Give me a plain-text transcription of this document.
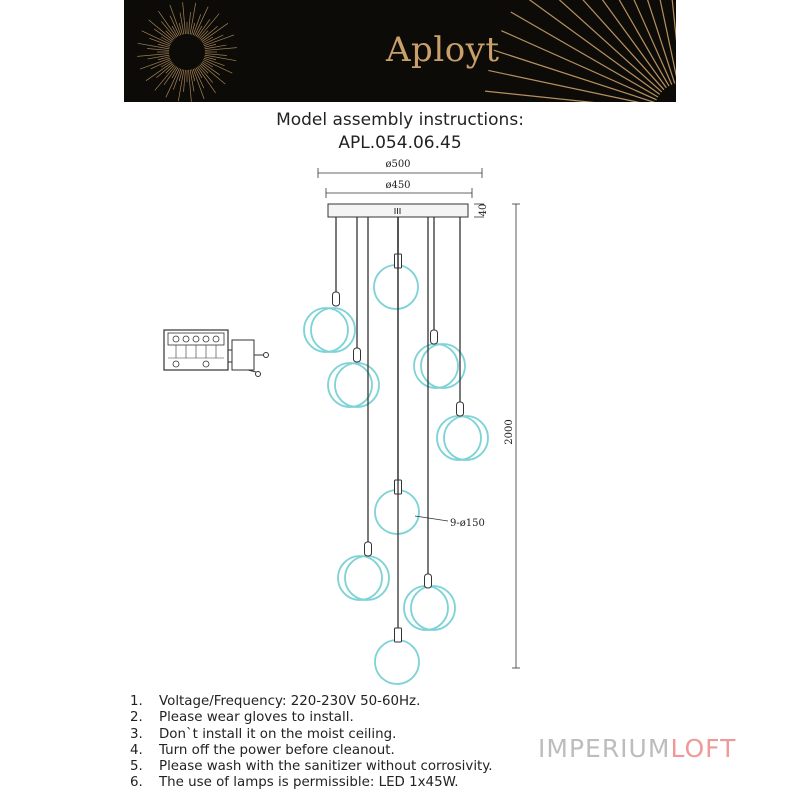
Aployt
Model assembly instructions:
APL.054.06.45
ø500
ø450
40
2000
9-ø150
1. Voltage/Frequency: 220-230V 50-60Hz.
2. Please wear gloves to install.
3. Don`t install it on the moist ceiling.
4. Turn off the power before cleanout.
5. Please wash with the sanitizer without corrosivity.
6. The use of lamps is permissible: LED 1x45W.
IMPERIUMLOFT
